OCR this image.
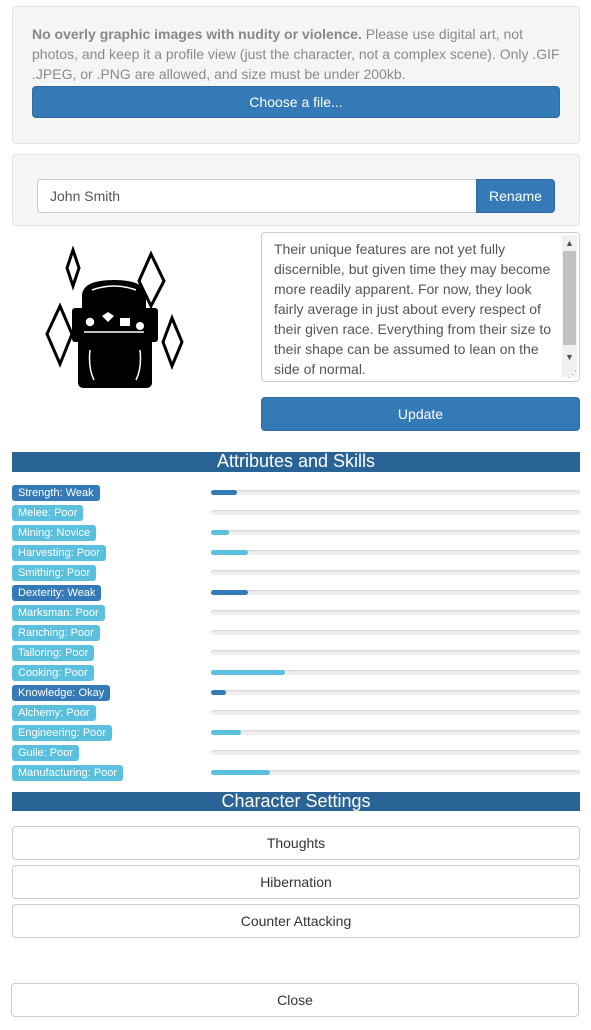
No overly graphic images with nudity or violence. Please use digital art, not photos, and keep it a profile view (just the character, not a complex scene). Only .GIF .JPEG, or .PNG are allowed, and size must be under 200kb.
Choose a file...
John Smith	Rename
Their unique features are not yet fully discernible, but given time they may become more readily apparent. For now, they look fairly average in just about every respect of their given race. Everything from their size to their shape can be assumed to lean on the side of normal.
▲
▼
⋰
Update
Attributes and Skills
Strength: Weak
Melee: Poor
Mining: Novice
Harvesting: Poor
Smithing: Poor
Dexterity: Weak
Marksman: Poor
Ranching: Poor
Tailoring: Poor
Cooking: Poor
Knowledge: Okay
Alchemy: Poor
Engineering: Poor
Guile: Poor
Manufacturing: Poor
Character Settings
Thoughts
Hibernation
Counter Attacking
Close
